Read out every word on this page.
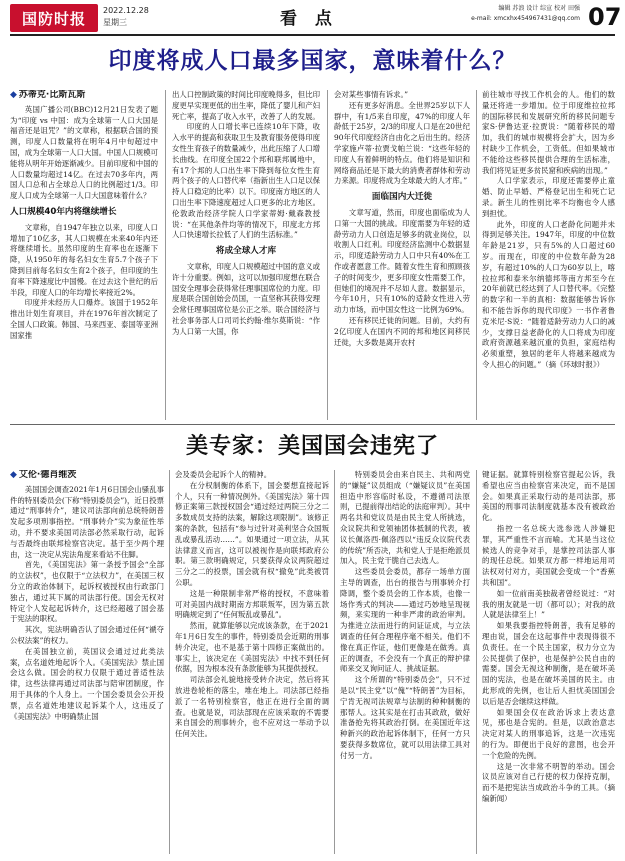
国防时报	2022.12.28
星期三	看 点
编辑 苏浪 设计 综宣 校对 田强
e-mail: xmcxhx454967431@qq.com 07
印度将成人口最多国家，意味着什么？
◆ 苏蒂克·比斯瓦斯

英国广播公司(BBC)12月21日发表了题为“印度 vs 中国：成为全球第一人口大国是福音还是诅咒？”的文章称，根据联合国的预测，印度人口数量将在明年4月中旬超过中国，成为全球第一人口大国。中国人口规模可能将从明年开始逐渐减少。目前印度和中国的人口数量均超过14亿。在过去70多年内，两国人口总和占全球总人口的比例超过1/3。印度人口成为全球第一人口大国意味着什么？

人口规模40年内将继续增长

文章称，自1947年独立以来，印度人口增加了10亿多，其人口规模在未来40年内还将继续增长。虽然印度的生育率也在逐渐下降，从1950年的每名妇女生育5.7个孩子下降到目前每名妇女生育2个孩子，但印度的生育率下降速度比中国慢。在过去这个世纪的后半段，印度人口的年均增长率接近2%。

印度并未经历人口爆炸。该国于1952年推出计划生育项目，并在1976年首次制定了全国人口政策。韩国、马来西亚、泰国等亚洲国家推

出人口控制政策的时间比印度晚得多，但比印度更早实现更低的出生率，降低了婴儿和产妇死亡率，提高了收入水平，改善了人的发展。

印度的人口增长率已连续10年下降，收入水平的提高和获取卫生及教育服务使得印度女性生育孩子的数量减少，出此压缩了人口增长曲线。在印度全国22个邦和联邦属地中，有17个邦的人口出生率下降到每位女性生育两个孩子的人口替代率（指新出生人口足以保持人口稳定的比率）以下。印度南方地区的人口出生率下降速度超过人口更多的北方地区。伦敦政治经济学院人口学家蒂姆·戴森教授说：“在其他条件均等的情况下，印度北方邦人口快速增长拉低了人们的生活标准。”

将成全球人才库

文章称，印度人口规模超过中国的意义或许十分重要。例如，这可以加强印度想在联合国安全理事会获得常任理事国席位的力度。印度是联合国创始会员国，一直坚称其获得安理会常任理事国席位是公正之举。联合国经济与社会事务部人口司司长约翰·维尔莫斯说：“作为人口第一大国，你

会对某些事情有诉求。”

还有更多好消息。全世界25岁以下人群中，有1/5来自印度，47%的印度人年龄低于25岁，2/3的印度人口是在20世纪90年代印度经济自由化之后出生的。经济学家施卢蒂·拉贾戈帕兰说：“这些年轻的印度人有着鲜明的特点。他们将是知识和网络商品还是下最大的消费者群体和劳动力来源。印度将成为全球最大的人才库。”

面临国内大迁徙

文章写道，然而，印度也面临成为人口第一大国的挑战。印度需要为年轻的适龄劳动力人口创造足够多的就业岗位，以收割人口红利。印度经济监测中心数据显示，印度适龄劳动力人口中只有40%在工作或者愿意工作。随着女性生育和照顾孩子的时间变少，更多印度女性需要工作，但她们的境况并不尽如人意。数据显示，今年10月，只有10%的适龄女性进入劳动力市场，而中国女性这一比例为69%。

还有移民迁徙的问题。目前，大约有2亿印度人在国内不同的邦和地区间移民迁徙，大多数是离开农村

前往城市寻找工作机会的人。他们的数量还将进一步增加。位于印度维拉拉邦的国际移民和发展研究所的移民问题专家S·伊鲁达亚·拉贾说：“随着移民的增加，我们的城市规模将会扩大，因为乡村缺少工作机会，工资低。但如果城市不能给这些移民提供合理的生活标准，我们将见证更多贫民窟和疾病的出现。”

人口学家表示，印度还需要停止童婚、防止早婚、严格登记出生和死亡记录。新生儿的性别比率不均衡也令人感到担忧。

此外，印度的人口老龄化问题并未得到足够关注。1947年，印度的中位数年龄是21岁，只有5%的人口超过60岁。而现在，印度的中位数年龄为28岁，有超过10%的人口为60岁以上，喀拉拉邦和泰米尔纳德邦等南方邦至今在20年前就已经达到了人口替代率。《完整的数字和一半的真相：数据能够告诉你和不能告诉你的现代印度》一书作者鲁克米尼·S说：“随着适龄劳动力人口的减少，支撑日益老龄化的人口将成为印度政府资源越来越沉重的负担，家庭结构必须重塑，独居的老年人将越来越成为令人担心的问题。”（摘《环球时报》）

美专家：美国国会违宪了
◆ 艾伦·德肖维茨

美国国会调查2021年1月6日国会山骚乱事件的特别委员会(下称“特别委员会”)，近日投票通过“刑事转介”，建议司法部向前总统特朗普发起多项刑事指控。“刑事转介”实为象征性举动，并不要求美国司法部必然采取行动，起诉与否最终由联邦检察官决定。基于至少两个理由，这一决定从宪法角度来看站不住脚。

首先，《美国宪法》第一条授予国会“全部的立法权”，也仅限于“立法权力”，在美国三权分立的政治体制下，起诉权被授权由行政部门独占，通过其下属的司法部行使。国会无权对特定个人发起起诉转介，这已经超越了国会基于宪法的职权。

其次，宪法明确否认了国会通过任何“褫夺公权法案”的权力。

在美国独立前，英国议会通过过此类法案，点名道姓地起诉个人。《美国宪法》禁止国会这么做。国会的权力仅限于通过普适性法律，这些法律再通过司法部与陪审团制度，作用于具体的个人身上。一个国会委员会公开投票，点名道姓地建议起诉某个人，这违反了《美国宪法》中明确禁止国

会及委员会起诉个人的精神。

在分权制衡的体系下，国会要想直接起诉个人，只有一种情况例外。《美国宪法》第十四修正案第三款授权国会“通过经过两院三分之二多数成员支持的法案，解除这项限制”。该修正案的条款，包括有“参与过针对美利坚合众国叛乱或暴乱活动……”。如果通过一项立法，从其法律意义而言，这可以被视作是向联邦政府公职。第三款明确规定，只要获得众议两院超过三分之二的投票，国会就有权“撤免”此类被罚公职。

这是一种限制非常严格的授权，不意味着可对美国内战时期南方邦联叛军，因为第五款明确规定到了“任何叛乱或暴乱”。

然而，就算能够以完成该条款，在于2021年1月6日发生的事件，特别委员会近期的刑事转介决定，也不是基于第十四修正案做出的。事实上，该决定在《美国宪法》中找不到任何依据，因为根本没有条款能够为其提供授权。

司法部会礼貌地接受转介决定，然后将其放进卷轮柜的落尘，堆在地上。司法部已经指派了一名特别检察官，他正在进行全面的调查。也就是说，司法部现在应该采取的不需要来自国会的刑事转介，也不应对这一举动予以任何关注。

特别委员会由来自民主、共和两党的“嫌疑”议员组成（“嫌疑议员”在美国担造中形容临时私设，不遵循司法原则，已提前得出结论的法庭审判）。其中两名共和党议员是由民主党人所挑选，众议院共和党领袖团体抵制的代表，被议长佩洛西·佩洛西以“违反众议院代表的传统”所否决，共和党人于是拒绝派员加入，民主党干脆自己去选人。

这些委员会委员，都存一场单方面主导的调查，出台的报告与刑事转介打降调，整个委员会的工作本质，也像一场作秀式的判决——通过巧妙地呈现视频，来实现的一种非严肃的政治审判。为推进立法而进行的问证证成，与立法调查的任何合理程序毫不相关。他们不像在真正作证，他们更像是在做秀。真正的调查，不会没有一个真正的辩护律师来交叉询问证人、挑战证据。

这个所谓的“特别委员会”，只不过是以“民主党”以“傀”“特朗普”为目标，宁肯无视司法规章与法制的种种制衡的那帮人。这其实是在打击其政敌，做好准备抢先将其政治打倒。在美国近年这种新兴的政治起诉体制下，任何一方只要获得多数席位，就可以用法律工具对付另一方。

键证据。就算特别检察官提起公诉，我希望也应当由检察官来决定，而不是国会。如果真正采取行动的是司法部，那美国的刑事司法制度就基本没有被政治化。

指控一名总统大选参选人涉嫌犯罪，其严重性不言而喻。尤其是当这位候选人的竞争对手，是掌控司法部人事的现任总统。如果双方都一样地运用司法权对付对方，美国就会变成一个“香蕉共和国”。

如一位前南美独裁者曾经说过：“对我的朋友就是一切（都可以）；对我的敌人就是法律至上！”

如果我要指控特朗普，我有足够的理由说，国会在这起事件中表现得很不负责任。在一个民主国家，权力分立为公民提供了保护，也是保护公民自由的需要。国会无视这种制衡，是在破坏美国的宪法，也是在破坏美国的民主。由此形成的先例，也让后人担忧美国国会以后是否会继续这样做。

如果国会仅在政治诉求上表达意见，那也是合宪的。但是，以政治意志决定对某人的刑事追诉，这是一次违宪的行为。即便出于良好的意图，也会开一个危险的先例。

这是一次非常不明智的举动。国会议员应该对自己行使的权力保持克制，而不是把宪法当成政治斗争的工具。（摘编新闻）
